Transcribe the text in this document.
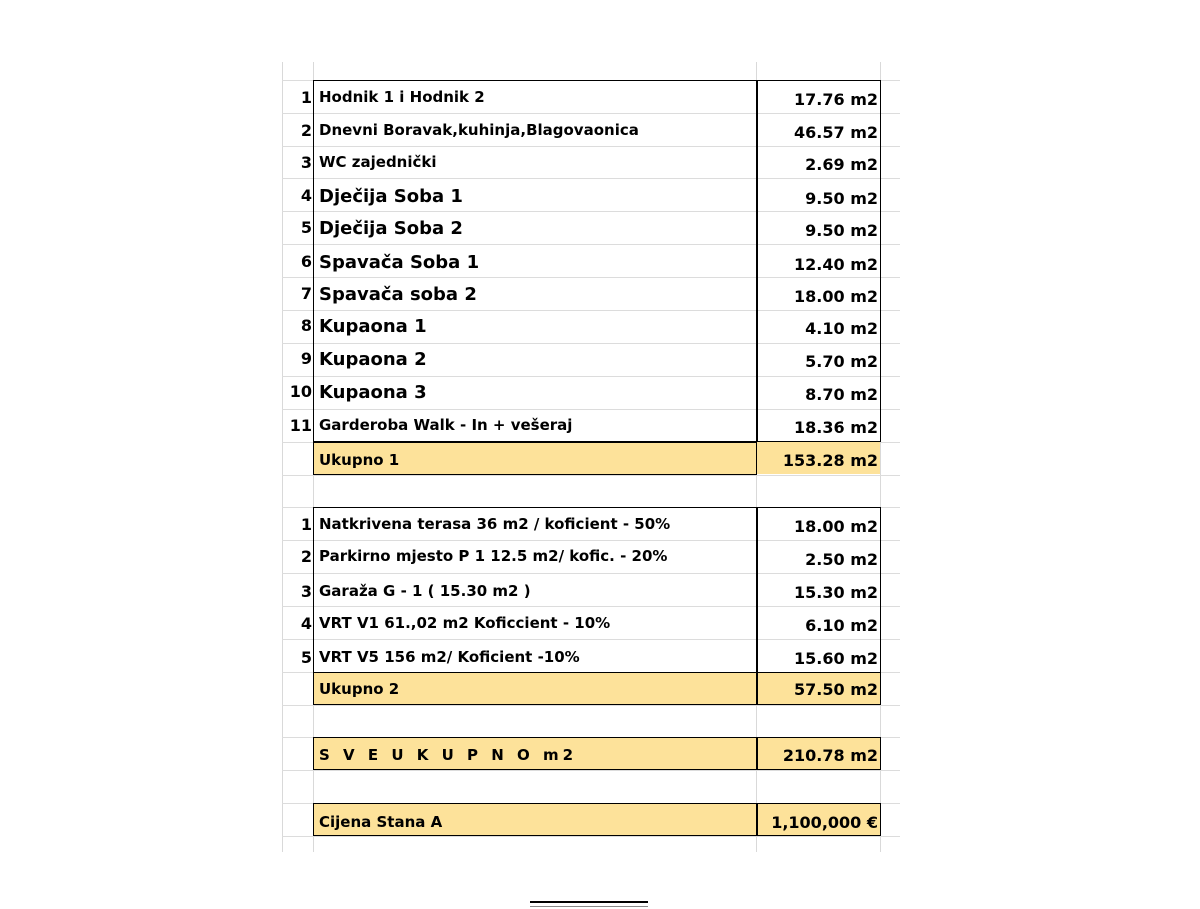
1 Hodnik 1 i Hodnik 2	17.76 m2
2 Dnevni Boravak,kuhinja,Blagovaonica	46.57 m2
3 WC zajednički	2.69 m2
4 Dječija Soba 1	9.50 m2
5 Dječija Soba 2	9.50 m2
6 Spavača Soba 1	12.40 m2
7 Spavača soba 2	18.00 m2
8 Kupaona 1	4.10 m2
9 Kupaona 2	5.70 m2
10 Kupaona 3	8.70 m2
11 Garderoba Walk - In + vešeraj	18.36 m2
Ukupno 1	153.28 m2
1 Natkrivena terasa 36 m2 / koficient - 50%	18.00 m2
2 Parkirno mjesto P 1 12.5 m2/ kofic. - 20%	2.50 m2
3 Garaža G - 1 ( 15.30 m2 )	15.30 m2
4 VRT V1 61.,02 m2 Koficcient - 10%	6.10 m2
5 VRT V5 156 m2/ Koficient -10%	15.60 m2
Ukupno 2	57.50 m2
S V E U K U P N O m2	210.78 m2
Cijena Stana A	1,100,000 €
